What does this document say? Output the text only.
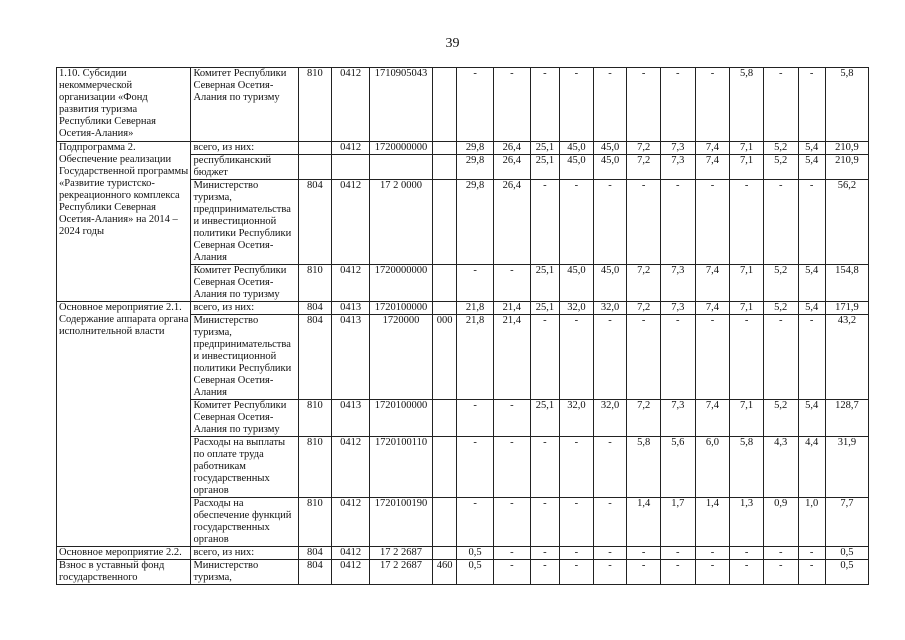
39
1.10. Субсидии некоммерческой организации «Фонд развития туризма Республики Северная Осетия-Алания»	Комитет Республики Северная Осетия-Алания по туризму	810	0412	1710905043		-	-	-	-	-	-	-	-	5,8	-	-	5,8
Подпрограмма 2. Обеспечение реализации Государственной программы «Развитие туристско-рекреационного комплекса Республики Северная Осетия-Алания» на 2014 – 2024 годы	всего, из них:		0412	1720000000		29,8	26,4	25,1	45,0	45,0	7,2	7,3	7,4	7,1	5,2	5,4	210,9
	республиканский бюджет					29,8	26,4	25,1	45,0	45,0	7,2	7,3	7,4	7,1	5,2	5,4	210,9
	Министерство туризма, предпринимательства и инвестиционной политики Республики Северная Осетия-Алания	804	0412	17 2 0000		29,8	26,4	-	-	-	-	-	-	-	-	-	56,2
	Комитет Республики Северная Осетия-Алания по туризму	810	0412	1720000000		-	-	25,1	45,0	45,0	7,2	7,3	7,4	7,1	5,2	5,4	154,8
Основное мероприятие 2.1. Содержание аппарата органа исполнительной власти	всего, из них:	804	0413	1720100000		21,8	21,4	25,1	32,0	32,0	7,2	7,3	7,4	7,1	5,2	5,4	171,9
	Министерство туризма, предпринимательства и инвестиционной политики Республики Северная Осетия-Алания	804	0413	1720000	000	21,8	21,4	-	-	-	-	-	-	-	-	-	43,2
	Комитет Республики Северная Осетия-Алания по туризму	810	0413	1720100000		-	-	25,1	32,0	32,0	7,2	7,3	7,4	7,1	5,2	5,4	128,7
	Расходы на выплаты по оплате труда работникам государственных органов	810	0412	1720100110		-	-	-	-	-	5,8	5,6	6,0	5,8	4,3	4,4	31,9
	Расходы на обеспечение функций государственных органов	810	0412	1720100190		-	-	-	-	-	1,4	1,7	1,4	1,3	0,9	1,0	7,7
Основное мероприятие 2.2.	всего, из них:	804	0412	17 2 2687		0,5	-	-	-	-	-	-	-	-	-	-	0,5
Взнос в уставный фонд государственного	Министерство туризма,	804	0412	17 2 2687	460	0,5	-	-	-	-	-	-	-	-	-	-	0,5
